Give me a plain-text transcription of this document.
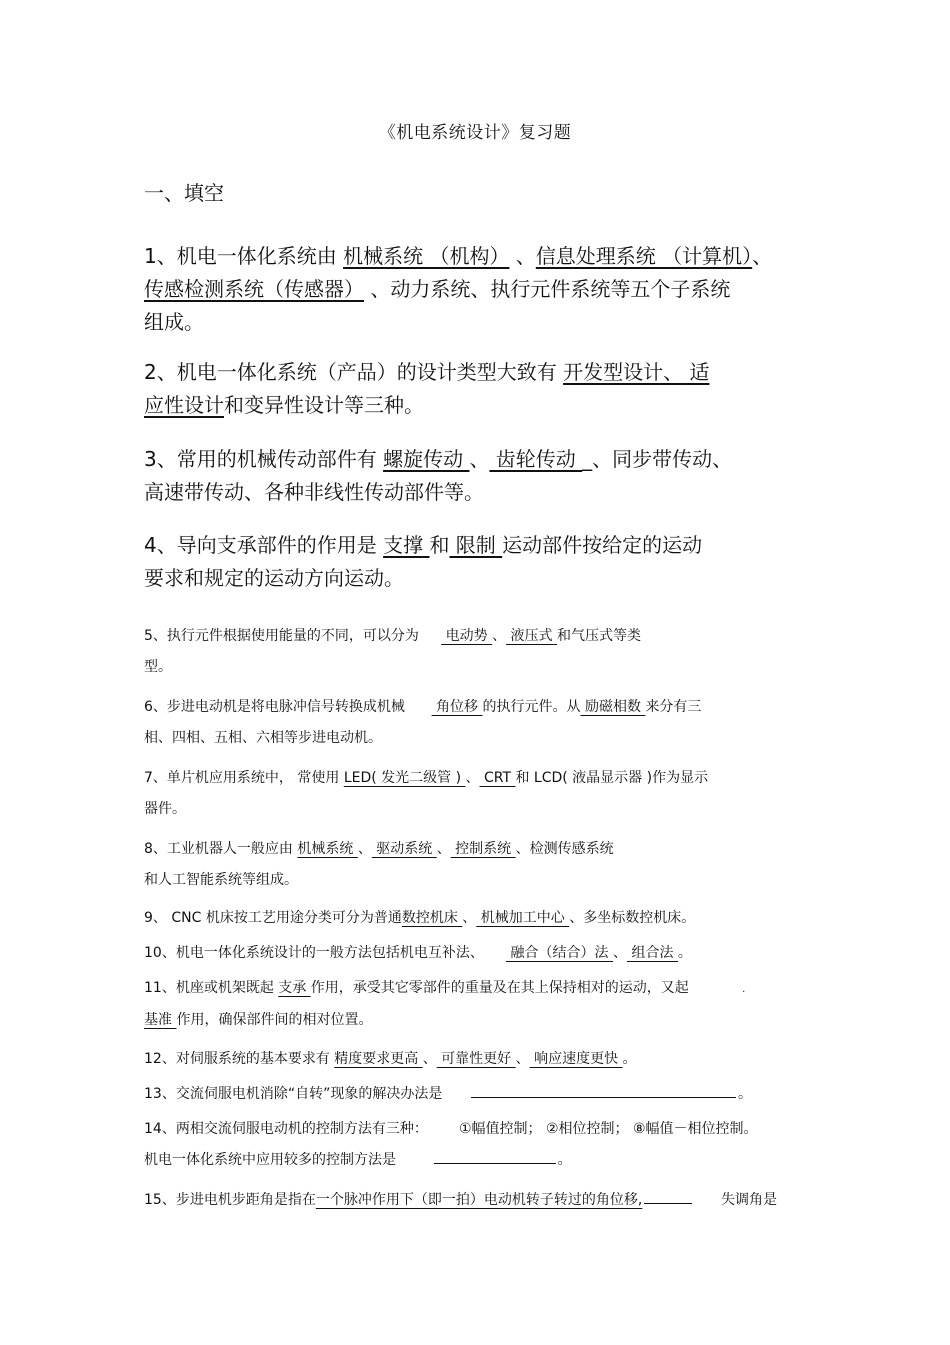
《机电系统设计》复习题
一、填空
1、机电一体化系统由 机械系统 （机构） 、信息处理系统 （计算机）、
传感检测系统（传感器） 、动力系统、执行元件系统等五个子系统
组成。
2、机电一体化系统（产品）的设计类型大致有 开发型设计、 适
应性设计和变异性设计等三种。
3、常用的机械传动部件有 螺旋传动 、 齿轮传动 _、同步带传动、
高速带传动、各种非线性传动部件等。
4、导向支承部件的作用是 支撑 和 限制 运动部件按给定的运动
要求和规定的运动方向运动。
5、执行元件根据使用能量的不同，可以分为      电动势 、 液压式 和气压式等类
型。
6、步进电动机是将电脉冲信号转换成机械       角位移 的执行元件。从 励磁相数 来分有三
相、四相、五相、六相等步进电动机。
7、单片机应用系统中， 常使用 LED( 发光二级管 ) 、 CRT 和 LCD( 液晶显示器 )作为显示
器件。
8、工业机器人一般应由 机械系统 、 驱动系统 、 控制系统 、检测传感系统
和人工智能系统等组成。
9、 CNC 机床按工艺用途分类可分为普通数控机床 、 机械加工中心 、多坐标数控机床。
10、机电一体化系统设计的一般方法包括机电互补法、      融合（结合）法 、 组合法 。
11、机座或机架既起 支承 作用，承受其它零部件的重量及在其上保持相对的运动，又起	.
基准 作用，确保部件间的相对位置。
12、对伺服系统的基本要求有 精度要求更高 、 可靠性更好 、 响应速度更快 。
13、交流伺服电机消除“自转”现象的解决办法是	。
14、两相交流伺服电动机的控制方法有三种： ①幅值控制； ②相位控制； ⑧幅值－相位控制。
机电一体化系统中应用较多的控制方法是	。
15、步进电机步距角是指在一个脉冲作用下（即一拍）电动机转子转过的角位移,	失调角是
